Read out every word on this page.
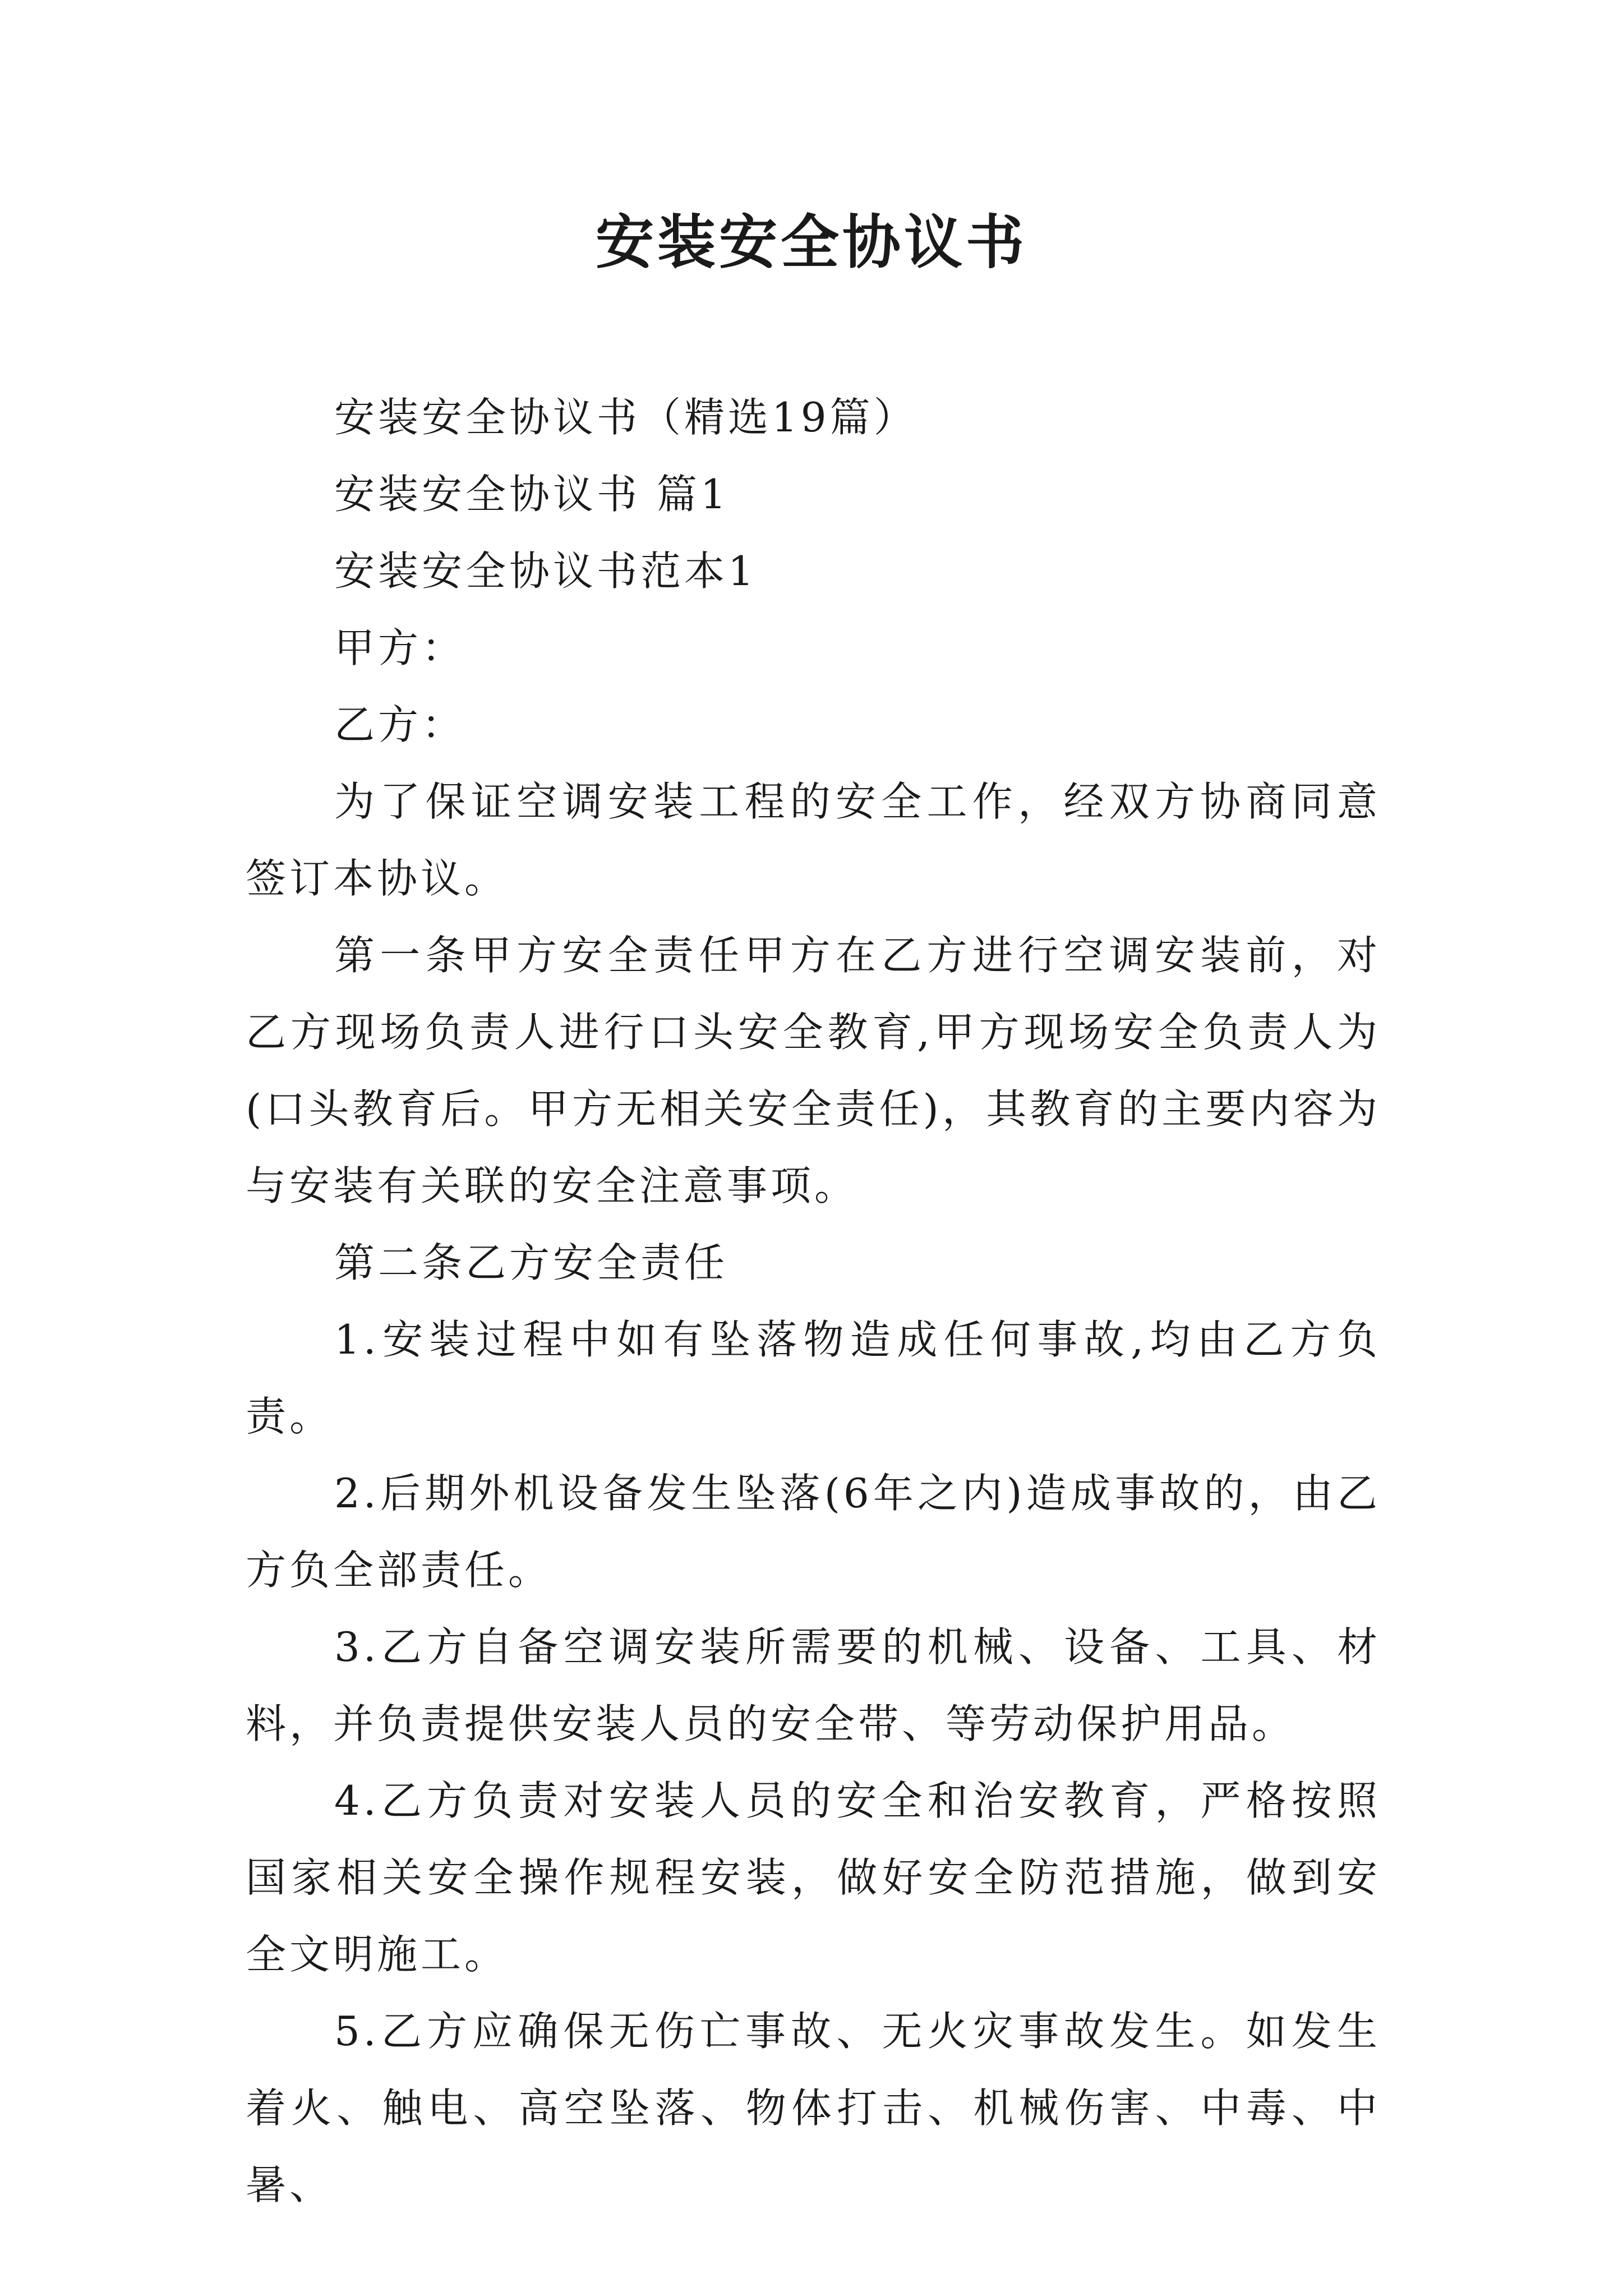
安装安全协议书

安装安全协议书（精选19篇）

安装安全协议书 篇1

安装安全协议书范本1

甲方：

乙方：

为了保证空调安装工程的安全工作，经双方协商同意签订本协议。

第一条甲方安全责任甲方在乙方进行空调安装前，对乙方现场负责人进行口头安全教育,甲方现场安全负责人为(口头教育后。甲方无相关安全责任)，其教育的主要内容为与安装有关联的安全注意事项。

第二条乙方安全责任

1.安装过程中如有坠落物造成任何事故,均由乙方负责。

2.后期外机设备发生坠落(6年之内)造成事故的，由乙方负全部责任。

3.乙方自备空调安装所需要的机械、设备、工具、材料，并负责提供安装人员的安全带、等劳动保护用品。

4.乙方负责对安装人员的安全和治安教育，严格按照国家相关安全操作规程安装，做好安全防范措施，做到安全文明施工。

5.乙方应确保无伤亡事故、无火灾事故发生。如发生着火、触电、高空坠落、物体打击、机械伤害、中毒、中暑、
